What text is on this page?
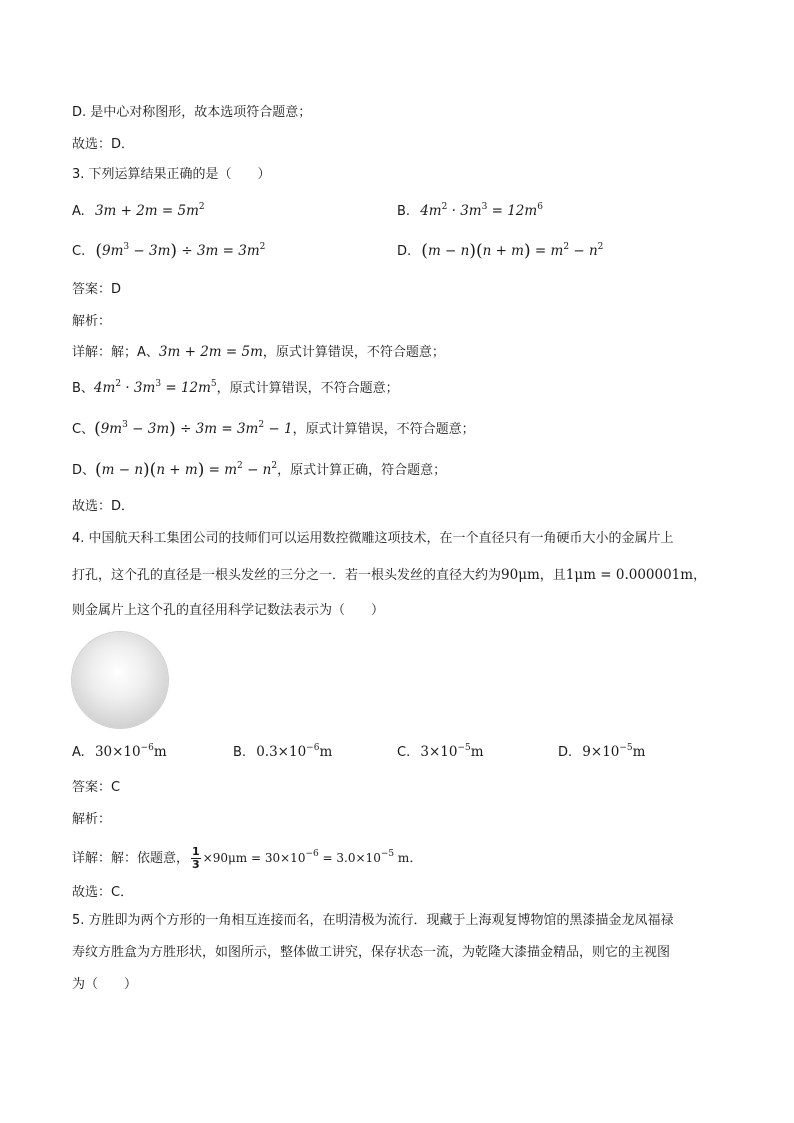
D. 是中心对称图形，故本选项符合题意；
故选：D．
3. 下列运算结果正确的是（　　）
A. $3m + 2m = 5m^2$	B. $4m^2 \cdot 3m^3 = 12m^6$
C. $(9m^3 - 3m) \div 3m = 3m^2$	D. $(m - n)(n + m) = m^2 - n^2$
答案：D
解析：
详解：解；A、3m + 2m = 5m，原式计算错误，不符合题意；
B、$4m^2 \cdot 3m^3 = 12m^5$，原式计算错误，不符合题意；
C、$(9m^3 - 3m) \div 3m = 3m^2 - 1$，原式计算错误，不符合题意；
D、$(m - n)(n + m) = m^2 - n^2$，原式计算正确，符合题意；
故选：D．
4. 中国航天科工集团公司的技师们可以运用数控微雕这项技术，在一个直径只有一角硬币大小的金属片上
打孔，这个孔的直径是一根头发丝的三分之一．若一根头发丝的直径大约为90μm，且1μm = 0.000001m，
则金属片上这个孔的直径用科学记数法表示为（　　）
A. $30\times 10^{-6}m$	B. $0.3\times 10^{-6}m$	C. $3\times 10^{-5}m$	D. $9\times 10^{-5}m$
答案：C
解析：
详解：解：依题意， $\frac{1}{3} \times 90\mu m = 30\times 10^{-6} = 3.0\times 10^{-5}$ m．
故选：C．
5. 方胜即为两个方形的一角相互连接而名，在明清极为流行．现藏于上海观复博物馆的黑漆描金龙凤福禄
寿纹方胜盒为方胜形状，如图所示，整体做工讲究，保存状态一流，为乾隆大漆描金精品，则它的主视图
为（　　）
